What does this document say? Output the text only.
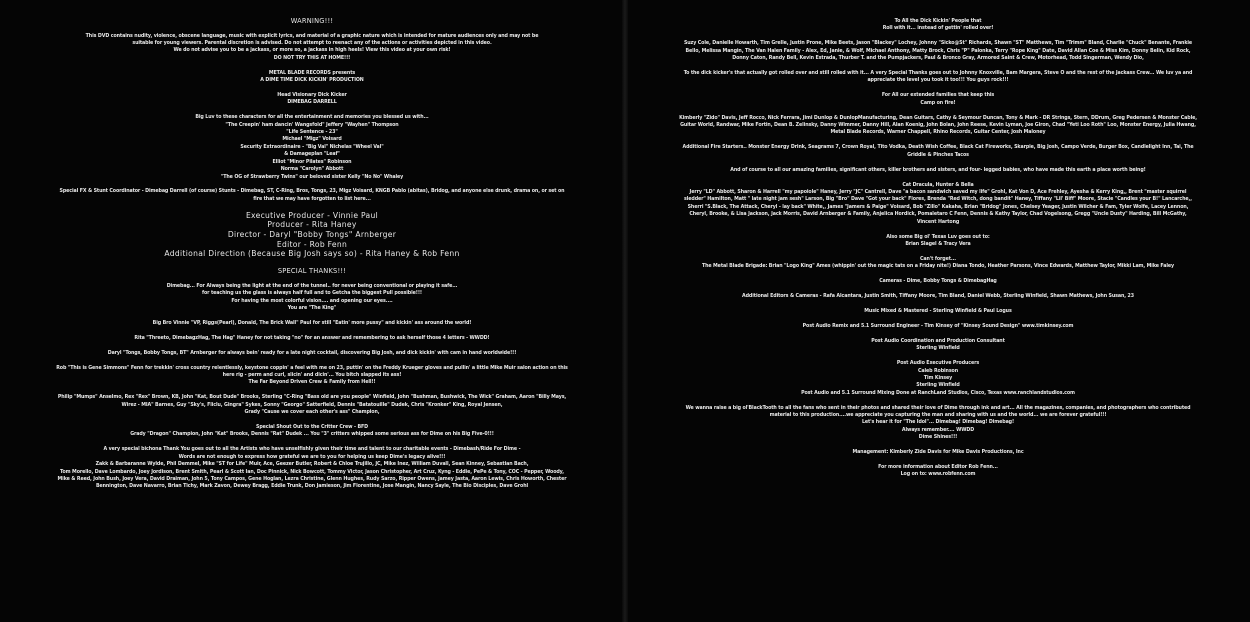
WARNING!!!
This DVD contains nudity, violence, obscene language, music with explicit lyrics, and material of a graphic nature which is intended for mature audiences only and may not be
suitable for young viewers. Parental discretion is advised. Do not attempt to reenact any of the actions or activities depicted in this video.
We do not advise you to be a jackass, or more so, a jackass in high heels! View this video at your own risk!
DO NOT TRY THIS AT HOME!!!
METAL BLADE RECORDS presents
A DIME TIME DICK KICKIN' PRODUCTION
Head Visionary Dick Kicker
DIMEBAG DARRELL
Big Luv to these characters for all the entertainment and memories you blessed us with...
"The Creepin' ham dancin' Wangsfold" Jeffery "Wayhen" Thompson
"Life Sentence - 23"
Michael "Migz" Voisard
Security Extraordinaire - "Big Val" Nichelas "Wheel Val"
& Damageplan "Leaf"
Elliot "Minor Pilates" Robinson
Norma "Carolyn" Abbott
"The OG of Strawberry Twins" our beloved sister Kelly "No No" Whaley
Special FX & Stunt Coordinator - Dimebag Darrell (of course) Stunts - Dimebag, ST, C-Ring, Bros, Tongs, 23, Migz Voisard, KNGB Pablo (abitas), Bridog, and anyone else drunk, drama on, or set on
fire that we may have forgotten to list here...
Executive Producer - Vinnie Paul
Producer - Rita Haney
Director - Daryl "Bobby Tongs" Arnberger
Editor - Rob Fenn
Additional Direction (Because Big Josh says so) - Rita Haney & Rob Fenn
SPECIAL THANKS!!!
Dimebag... For Always being the light at the end of the tunnel.. for never being conventional or playing it safe...
for teaching us the glass is always half full and to Getcha the biggest Pull possible!!!
For having the most colorful vision.... and opening our eyes....
You are "The King"
Big Bro Vinnie "VP, Riggs(Pearl), Donald, The Brick Wall" Paul for still "Eatin' more pussy" and kickin' ass around the world!
Rita "Threeto, DimebagzHag, The Hag" Haney for not taking "no" for an answer and remembering to ask herself those 4 letters - WWDD!
Daryl "Tongs, Bobby Tongs, BT" Arnberger for always bein' ready for a late night cocktail, discovering Big Josh, and dick kickin' with cam in hand worldwide!!!
Rob "This is Gene Simmons" Fenn for trekkin' cross country relentlessly, keystone coppin' a feel with me on 23, puttin' on the Freddy Krueger gloves and pullin' a little Mike Muir salon action on this
here rig - perm and curl, slicin' and dicin'... You bitch slapped its ass!
The Far Beyond Driven Crew & Family from Hell!!
Philip "Mumps" Anselmo, Rex "Rex" Brown, KB, John "Kat, Bout Dude" Brooks, Sterling "C-Ring "Bass old are you people" Winfield, John "Bushman, Bushwick, The Wick" Graham, Aaron "Billy Mays,
Wirez - MIA" Barnes, Guy "Sky's, Fliclu, Gingra" Sykes, Sonny "Georgo" Satterfield, Dennis "Batatouille" Dudek, Chris "Kronker" King, Royal Jensen,
Grady "Cause we cover each other's ass" Champion,
Special Shout Out to the Critter Crew - BFD
Grady "Dragon" Champion, John "Kat" Brooks, Dennis "Rat" Dudek ... You "3" critters whipped some serious ass for Dime on his Big Five-0!!!
A very special bichona Thank You goes out to all the Artists who have unselfishly given their time and talent to our charitable events - Dimebash/Ride For Dime -
Words are not enough to express how grateful we are to you for helping us keep Dime's legacy alive!!!
Zakk & Barbaranne Wylde, Phil Demmel, Mike "ST for Life" Muir, Ace, Geezer Butler, Robert & Chloe Trujillo, JC, Mike Inez, William Duvall, Sean Kinney, Sebastian Bach,
Tom Morello, Dave Lombardo, Joey Jordison, Brent Smith, Pearl & Scott Ian, Doc Pinnick, Nick Bowcott, Tommy Victor, Jason Christopher, Art Cruz, Kyng - Eddie, PePe & Tony, COC - Pepper, Woody,
Mike & Reed, John Bush, Joey Vera, David Draiman, John 5, Tony Campos, Gene Hoglan, Lezra Christine, Glenn Hughes, Rudy Sarzo, Ripper Owens, Jamey Jasta, Aaron Lewis, Chris Howorth, Chester
Bennington, Dave Navarro, Brian Tichy, Mark Zavon, Dewey Bragg, Eddie Trunk, Don Jamieson, Jim Florentine, Jose Mangin, Nancy Sayle, The Bio Disciples, Dave Grohl
To All the Dick Kickin' People that
Roll with it... instead of gettin' rolled over!
Suzy Cole, Danielle Howarth, Tim Grelle, Justin Prone, Mike Beets, Jason "Blackey" Lochey, Johnny "Sicko@St" Richards, Shawn "ST" Matthews, Tim "Trimm" Bland, Charlie "Chuck" Benante, Frankie
Bello, Melissa Mangin, The Van Halen Family - Alex, Ed, Janie, & Wolf, Michael Anthony, Matty Brock, Chris "P" Palonka, Terry "Rope King" Date, David Allan Coe & Miss Kim, Donny Belin, Kid Rock,
Donny Caton, Randy Bell, Kevin Estrada, Thurber T. and the Pumpjackers, Paul & Bronco Gray, Armored Saint & Crew, Motorhead, Todd Singerman, Wendy Dio,
To the dick kicker's that actually got rolled over and still rolled with it... A very Special Thanks goes out to Johnny Knoxville, Bam Margera, Steve O and the rest of the Jackass Crew... We luv ya and
appreciate the level you took it too!!! You guys rock!!!
For All our extended families that keep this
Camp on fire!
Kimberly "Zido" Davis, Jeff Rocco, Nick Ferrara, Jimi Dunlop & DunlopManufacturing, Dean Guitars, Cathy & Seymour Duncan, Tony & Mark - DR Strings, Stern, DDrum, Greg Pedersen & Monster Cable,
Guitar World, Randwar, Mike Fortin, Dean B. Zelinsky, Danny Wimmer, Danny Hill, Alan Koenig, John Bolan, John Reese, Kevin Lyman, Joe Giron, Chad "Yeti Loo Roth" Loo, Monster Energy, Julia Hwang,
Metal Blade Records, Warner Chappell, Rhino Records, Guitar Center, Josh Maloney
Additional Fire Starters.. Monster Energy Drink, Seagrams 7, Crown Royal, Tito Vodka, Death Wish Coffee, Black Cat Fireworks, Skarpie, Big Josh, Campo Verde, Burger Box, Candlelight Inn, Tai, The
Griddle & Pinches Tacos
And of course to all our amazing families, significant others, killer brothers and sisters, and four- legged babies, who have made this earth a place worth being!
Cat Dracula, Hunter & Bella
Jerry "LD" Abbott, Sharon & Harrell "my papoiole" Haney, Jerry "JC" Cantrell, Dave "a bacon sandwich saved my life" Grohl, Kat Von D, Ace Frehley, Ayesha & Kerry King,, Brent "master squirrel
sledder" Hamilton, Matt " late night jam sesh" Larson, Big "Bro" Dave "Got your back" Flores, Brenda "Red Witch, dong bandit" Haney, Tiffany "Lil' Biff" Moore, Stacie "Candles your B!" Lancarche,,
Sherri "S.Black, The Attack, Cheryl - lay back" White,, James "Jamers & Paige" Voisard, Bob "Zillo" Kakaha, Brian "Bridog" Jones, Chelsey Yeager, Justin Wilcher & Fam, Tyler Wolfe, Lacey Lennon,
Cheryl, Brooke, & Lisa Jackson, Jack Morris, David Arnberger & Family, Anjelica Hordick, Pomaletaro C Fenn, Dennis & Kathy Taylor, Chad Vogelsong, Gregg "Uncle Dusty" Harding, Bill McGathy,
Vincent Hartong
Also some Big ol' Texas Luv goes out to:
Brian Slagel & Tracy Vera
Can't forget...
The Metal Blade Brigade: Brian "Logo King" Ames (whippin' out the magic tats on a Friday nite!) Diana Tondo, Heather Parsons, Vince Edwards, Matthew Taylor, Mikki Lam, Mike Faley
Cameras - Dime, Bobby Tongs & DimebagHag
Additional Editors & Cameras - Rafa Alcantara, Justin Smith, Tiffany Moore, Tim Bland, Daniel Webb, Sterling Winfield, Shawn Mathews, John Susan, 23
Music Mixed & Mastered - Sterling Winfield & Paul Logus
Post Audio Remix and 5.1 Surround Engineer - Tim Kinsey of "Kinsey Sound Design" www.timkinsey.com
Post Audio Coordination and Production Consultant
Sterling Winfield
Post Audio Executive Producers
Caleb Robinson
Tim Kinsey
Sterling Winfield
Post Audio and 5.1 Surround Mixing Done at RanchLand Studios, Cisco, Texas www.ranchlandstudios.com
We wanna raise a big ol'BlackTooth to all the fans who sent in their photos and shared their love of Dime through ink and art... All the magazines, companies, and photographers who contributed
material to this production....we appreciate you capturing the man and sharing with us and the world... we are forever grateful!!!
Let's hear it for "The Idol"... Dimebag! Dimebag! Dimebag!
Always remember.... WWDD
Dime Shines!!!
Management: Kimberly Zide Davis for Mike Davis Productions, Inc
For more information about Editor Rob Fenn...
Log on to: www.robfenn.com
